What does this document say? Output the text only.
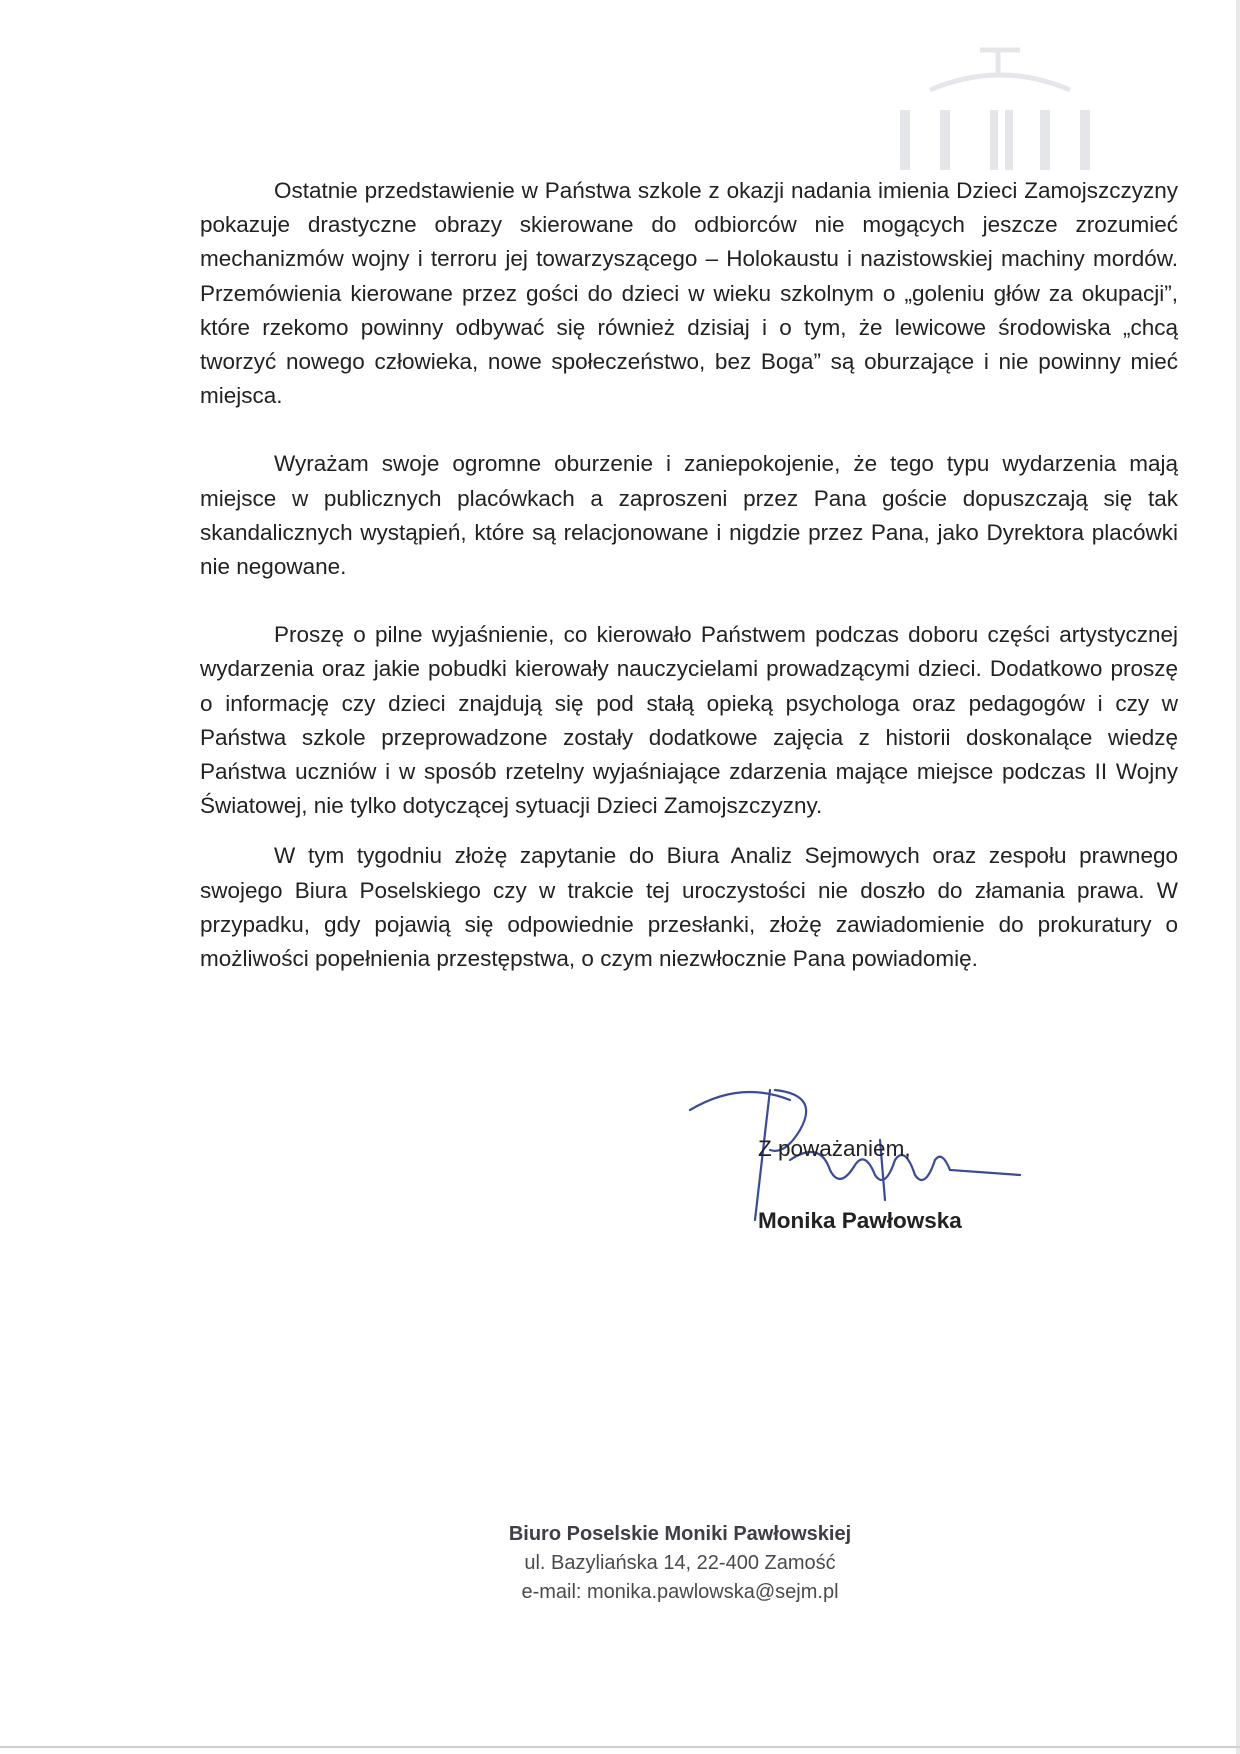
Ostatnie przedstawienie w Państwa szkole z okazji nadania imienia Dzieci Zamojszczyzny pokazuje drastyczne obrazy skierowane do odbiorców nie mogących jeszcze zrozumieć mechanizmów wojny i terroru jej towarzyszącego – Holokaustu i nazistowskiej machiny mordów. Przemówienia kierowane przez gości do dzieci w wieku szkolnym o „goleniu głów za okupacji”, które rzekomo powinny odbywać się również dzisiaj i o tym, że lewicowe środowiska „chcą tworzyć nowego człowieka, nowe społeczeństwo, bez Boga” są oburzające i nie powinny mieć miejsca.

Wyrażam swoje ogromne oburzenie i zaniepokojenie, że tego typu wydarzenia mają miejsce w publicznych placówkach a zaproszeni przez Pana goście dopuszczają się tak skandalicznych wystąpień, które są relacjonowane i nigdzie przez Pana, jako Dyrektora placówki nie negowane.

Proszę o pilne wyjaśnienie, co kierowało Państwem podczas doboru części artystycznej wydarzenia oraz jakie pobudki kierowały nauczycielami prowadzącymi dzieci. Dodatkowo proszę o informację czy dzieci znajdują się pod stałą opieką psychologa oraz pedagogów i czy w Państwa szkole przeprowadzone zostały dodatkowe zajęcia z historii doskonalące wiedzę Państwa uczniów i w sposób rzetelny wyjaśniające zdarzenia mające miejsce podczas II Wojny Światowej, nie tylko dotyczącej sytuacji Dzieci Zamojszczyzny.

W tym tygodniu złożę zapytanie do Biura Analiz Sejmowych oraz zespołu prawnego swojego Biura Poselskiego czy w trakcie tej uroczystości nie doszło do złamania prawa. W przypadku, gdy pojawią się odpowiednie przesłanki, złożę zawiadomienie do prokuratury o możliwości popełnienia przestępstwa, o czym niezwłocznie Pana powiadomię.

Z poważaniem,
Monika Pawłowska
Biuro Poselskie Moniki Pawłowskiej
ul. Bazyliańska 14, 22-400 Zamość
e-mail: monika.pawlowska@sejm.pl
